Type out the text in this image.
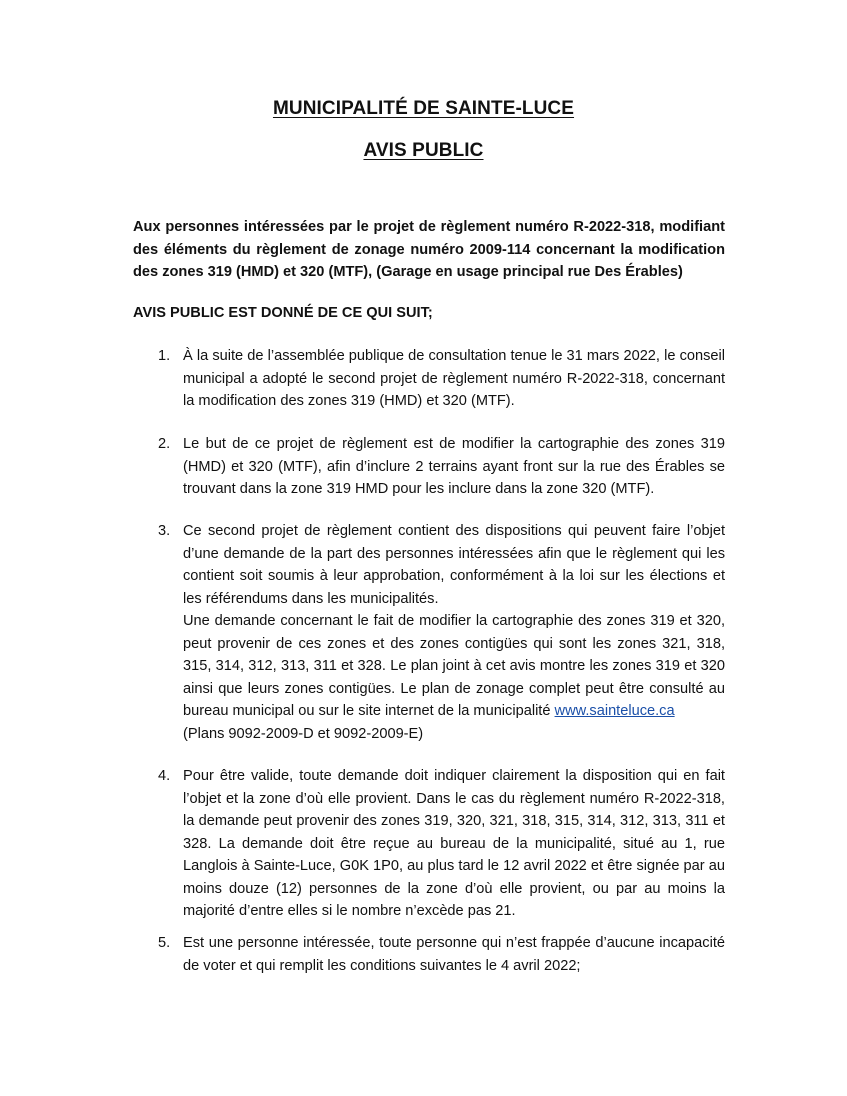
MUNICIPALITÉ DE SAINTE-LUCE
AVIS PUBLIC
Aux personnes intéressées par le projet de règlement numéro R-2022-318, modifiant des éléments du règlement de zonage numéro 2009-114 concernant la modification des zones 319 (HMD) et 320 (MTF), (Garage en usage principal rue Des Érables)
AVIS PUBLIC EST DONNÉ DE CE QUI SUIT;
1. À la suite de l’assemblée publique de consultation tenue le 31 mars 2022, le conseil municipal a adopté le second projet de règlement numéro R-2022-318, concernant la modification des zones 319 (HMD) et 320 (MTF).
2. Le but de ce projet de règlement est de modifier la cartographie des zones 319 (HMD) et 320 (MTF), afin d’inclure 2 terrains ayant front sur la rue des Érables se trouvant dans la zone 319 HMD pour les inclure dans la zone 320 (MTF).
3. Ce second projet de règlement contient des dispositions qui peuvent faire l’objet d’une demande de la part des personnes intéressées afin que le règlement qui les contient soit soumis à leur approbation, conformément à la loi sur les élections et les référendums dans les municipalités.
Une demande concernant le fait de modifier la cartographie des zones 319 et 320, peut provenir de ces zones et des zones contigües qui sont les zones 321, 318, 315, 314, 312, 313, 311 et 328. Le plan joint à cet avis montre les zones 319 et 320 ainsi que leurs zones contigües. Le plan de zonage complet peut être consulté au bureau municipal ou sur le site internet de la municipalité www.sainteluce.ca
(Plans 9092-2009-D et 9092-2009-E)
4. Pour être valide, toute demande doit indiquer clairement la disposition qui en fait l’objet et la zone d’où elle provient. Dans le cas du règlement numéro R-2022-318, la demande peut provenir des zones 319, 320, 321, 318, 315, 314, 312, 313, 311 et 328. La demande doit être reçue au bureau de la municipalité, situé au 1, rue Langlois à Sainte-Luce, G0K 1P0, au plus tard le 12 avril 2022 et être signée par au moins douze (12) personnes de la zone d’où elle provient, ou par au moins la majorité d’entre elles si le nombre n’excède pas 21.
5. Est une personne intéressée, toute personne qui n’est frappée d’aucune incapacité de voter et qui remplit les conditions suivantes le 4 avril 2022;
